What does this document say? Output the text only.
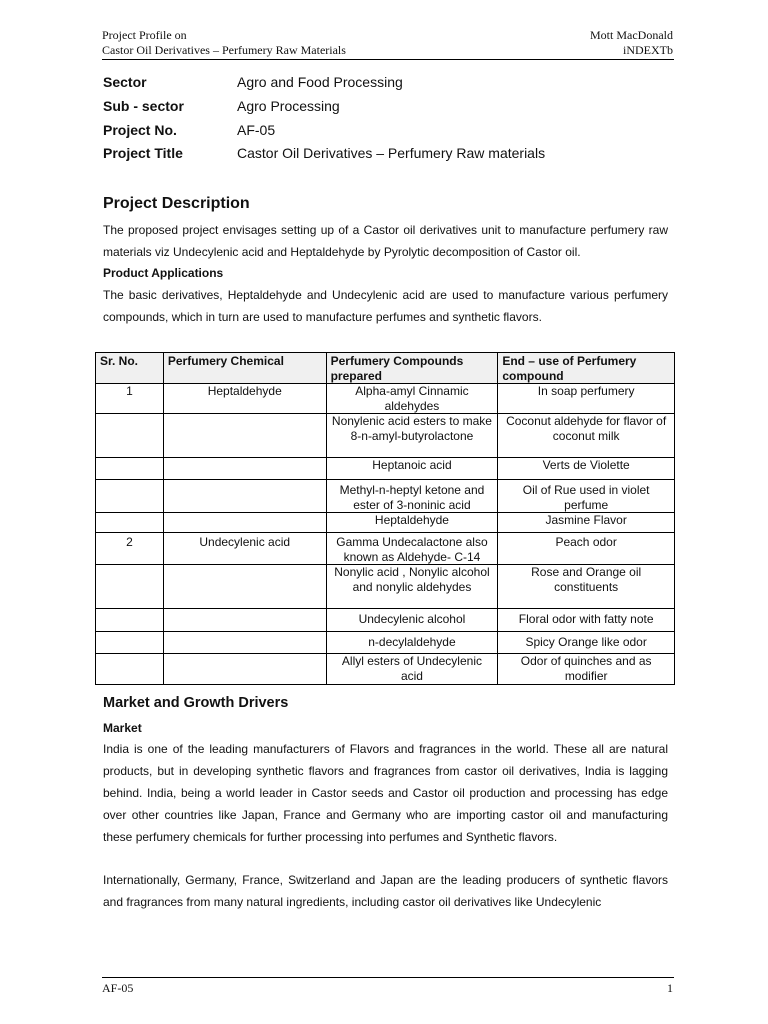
Project Profile on
Castor Oil Derivatives – Perfumery Raw Materials
Mott MacDonald
iNDEXTb
Sector	Agro and Food Processing
Sub - sector	Agro Processing
Project No.	AF-05
Project Title	Castor Oil Derivatives – Perfumery Raw materials
Project Description
The proposed project envisages setting up of a Castor oil derivatives unit to manufacture perfumery raw materials viz Undecylenic acid and Heptaldehyde by Pyrolytic decomposition of Castor oil.
Product Applications
The basic derivatives, Heptaldehyde and Undecylenic acid are used to manufacture various perfumery compounds, which in turn are used to manufacture perfumes and synthetic flavors.
Sr. No.	Perfumery Chemical	Perfumery Compounds prepared	End – use of Perfumery compound
1	Heptaldehyde	Alpha-amyl Cinnamic aldehydes	In soap perfumery
		Nonylenic acid esters to make 8-n-amyl-butyrolactone	Coconut aldehyde for flavor of coconut milk
		Heptanoic acid	Verts de Violette
		Methyl-n-heptyl ketone and ester of 3-noninic acid	Oil of Rue used in violet perfume
		Heptaldehyde	Jasmine Flavor
2	Undecylenic acid	Gamma Undecalactone also known as Aldehyde- C-14	Peach odor
		Nonylic acid , Nonylic alcohol and nonylic aldehydes	Rose and Orange oil constituents
		Undecylenic alcohol	Floral odor with fatty note
		n-decylaldehyde	Spicy Orange like odor
		Allyl esters of Undecylenic acid	Odor of quinches and as modifier
Market and Growth Drivers
Market
India is one of the leading manufacturers of Flavors and fragrances in the world. These all are natural products, but in developing synthetic flavors and fragrances from castor oil derivatives, India is lagging behind. India, being a world leader in Castor seeds and Castor oil production and processing has edge over other countries like Japan, France and Germany who are importing castor oil and manufacturing these perfumery chemicals for further processing into perfumes and Synthetic flavors.
Internationally, Germany, France, Switzerland and Japan are the leading producers of synthetic flavors and fragrances from many natural ingredients, including castor oil derivatives like Undecylenic
AF-05	1
